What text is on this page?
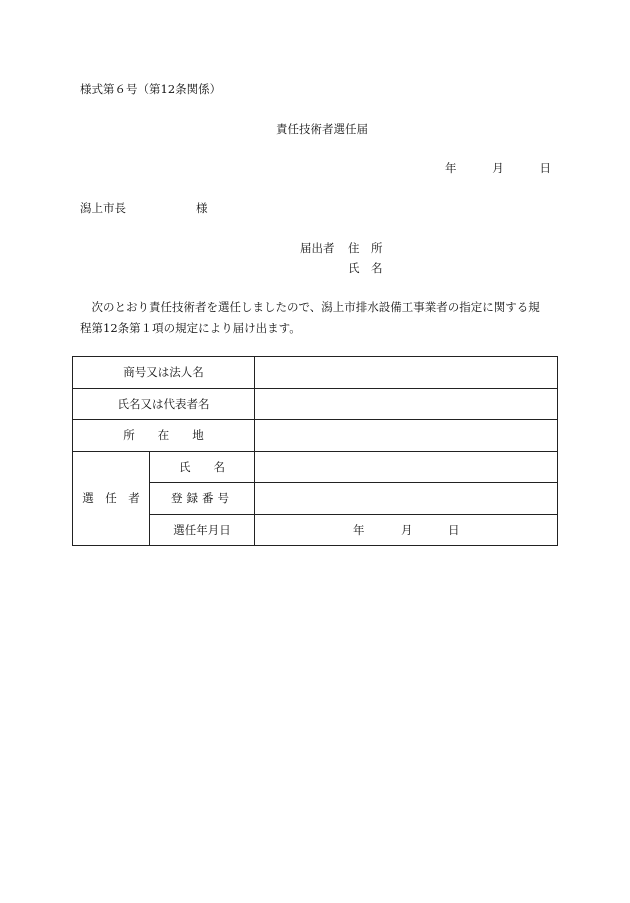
様式第６号（第12条関係）
責任技術者選任届
年	月	日
潟上市長	様
届出者 住　所
氏　名
次のとおり責任技術者を選任しましたので、潟上市排水設備工事業者の指定に関する規程第12条第１項の規定により届け出ます。
商号又は法人名		
氏名又は代表者名		
所　　在　　地		
選　任　者	氏　　名	
	登録番号	
	選任年月日	年 月 日
